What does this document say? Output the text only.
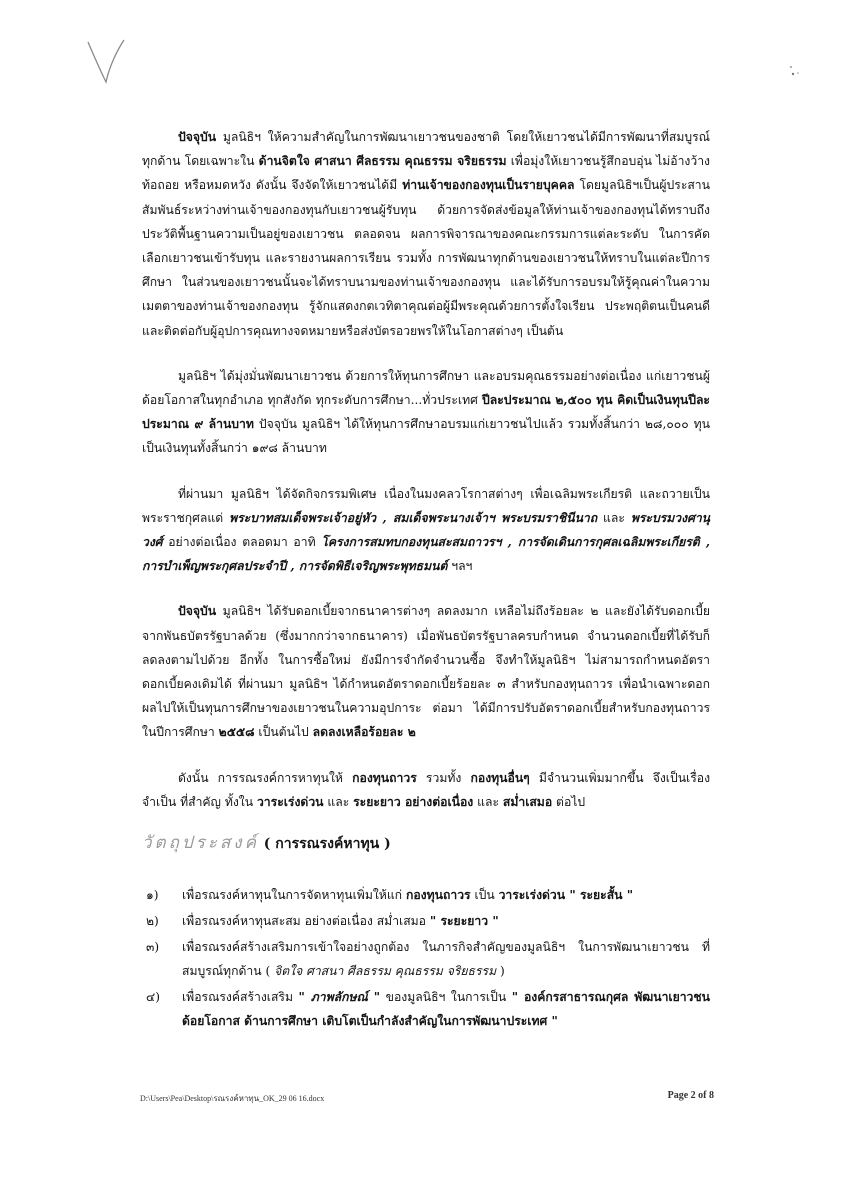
ปัจจุบัน มูลนิธิฯ ให้ความสำคัญในการพัฒนาเยาวชนของชาติ โดยให้เยาวชนได้มีการพัฒนาที่สมบูรณ์ทุกด้าน โดยเฉพาะใน ด้านจิตใจ ศาสนา ศีลธรรม คุณธรรม จริยธรรม เพื่อมุ่งให้เยาวชนรู้สึกอบอุ่น ไม่อ้างว้าง ท้อถอย หรือหมดหวัง ดังนั้น จึงจัดให้เยาวชนได้มี ท่านเจ้าของกองทุนเป็นรายบุคคล โดยมูลนิธิฯเป็นผู้ประสานสัมพันธ์ระหว่างท่านเจ้าของกองทุนกับเยาวชนผู้รับทุน ด้วยการจัดส่งข้อมูลให้ท่านเจ้าของกองทุนได้ทราบถึงประวัติพื้นฐานความเป็นอยู่ของเยาวชน ตลอดจน ผลการพิจารณาของคณะกรรมการแต่ละระดับ ในการคัดเลือกเยาวชนเข้ารับทุน และรายงานผลการเรียน รวมทั้ง การพัฒนาทุกด้านของเยาวชนให้ทราบในแต่ละปีการศึกษา ในส่วนของเยาวชนนั้นจะได้ทราบนามของท่านเจ้าของกองทุน และได้รับการอบรมให้รู้คุณค่าในความเมตตาของท่านเจ้าของกองทุน รู้จักแสดงกตเวทิตาคุณต่อผู้มีพระคุณด้วยการตั้งใจเรียน ประพฤติตนเป็นคนดี และติดต่อกับผู้อุปการคุณทางจดหมายหรือส่งบัตรอวยพรให้ในโอกาสต่างๆ เป็นต้น

มูลนิธิฯ ได้มุ่งมั่นพัฒนาเยาวชน ด้วยการให้ทุนการศึกษา และอบรมคุณธรรมอย่างต่อเนื่อง แก่เยาวชนผู้ด้อยโอกาสในทุกอำเภอ ทุกสังกัด ทุกระดับการศึกษา...ทั่วประเทศ ปีละประมาณ ๒,๕๐๐ ทุน คิดเป็นเงินทุนปีละประมาณ ๙ ล้านบาท ปัจจุบัน มูลนิธิฯ ได้ให้ทุนการศึกษาอบรมแก่เยาวชนไปแล้ว รวมทั้งสิ้นกว่า ๒๘,๐๐๐ ทุน เป็นเงินทุนทั้งสิ้นกว่า ๑๙๘ ล้านบาท

ที่ผ่านมา มูลนิธิฯ ได้จัดกิจกรรมพิเศษ เนื่องในมงคลวโรกาสต่างๆ เพื่อเฉลิมพระเกียรติ และถวายเป็นพระราชกุศลแด่ พระบาทสมเด็จพระเจ้าอยู่หัว , สมเด็จพระนางเจ้าฯ พระบรมราชินีนาถ และ พระบรมวงศานุวงศ์ อย่างต่อเนื่อง ตลอดมา อาทิ โครงการสมทบกองทุนสะสมถาวรฯ , การจัดเดินการกุศลเฉลิมพระเกียรติ , การบำเพ็ญพระกุศลประจำปี , การจัดพิธีเจริญพระพุทธมนต์ ฯลฯ

ปัจจุบัน มูลนิธิฯ ได้รับดอกเบี้ยจากธนาคารต่างๆ ลดลงมาก เหลือไม่ถึงร้อยละ ๒ และยังได้รับดอกเบี้ยจากพันธบัตรรัฐบาลด้วย (ซึ่งมากกว่าจากธนาคาร) เมื่อพันธบัตรรัฐบาลครบกำหนด จำนวนดอกเบี้ยที่ได้รับก็ลดลงตามไปด้วย อีกทั้ง ในการซื้อใหม่ ยังมีการจำกัดจำนวนซื้อ จึงทำให้มูลนิธิฯ ไม่สามารถกำหนดอัตราดอกเบี้ยคงเดิมได้ ที่ผ่านมา มูลนิธิฯ ได้กำหนดอัตราดอกเบี้ยร้อยละ ๓ สำหรับกองทุนถาวร เพื่อนำเฉพาะดอกผลไปให้เป็นทุนการศึกษาของเยาวชนในความอุปการะ ต่อมา ได้มีการปรับอัตราดอกเบี้ยสำหรับกองทุนถาวร ในปีการศึกษา ๒๕๕๘ เป็นต้นไป ลดลงเหลือร้อยละ ๒

ดังนั้น การรณรงค์การหาทุนให้ กองทุนถาวร รวมทั้ง กองทุนอื่นๆ มีจำนวนเพิ่มมากขึ้น จึงเป็นเรื่องจำเป็น ที่สำคัญ ทั้งใน วาระเร่งด่วน และ ระยะยาว อย่างต่อเนื่อง และ สม่ำเสมอ ต่อไป

วัตถุประสงค์ ( การรณรงค์หาทุน )
๑)	เพื่อรณรงค์หาทุนในการจัดหาทุนเพิ่มให้แก่ กองทุนถาวร เป็น วาระเร่งด่วน " ระยะสั้น "
๒)	เพื่อรณรงค์หาทุนสะสม อย่างต่อเนื่อง สม่ำเสมอ " ระยะยาว "
๓)	เพื่อรณรงค์สร้างเสริมการเข้าใจอย่างถูกต้อง ในภารกิจสำคัญของมูลนิธิฯ ในการพัฒนาเยาวชน ที่สมบูรณ์ทุกด้าน ( จิตใจ ศาสนา ศีลธรรม คุณธรรม จริยธรรม )
๔)	เพื่อรณรงค์สร้างเสริม " ภาพลักษณ์ " ของมูลนิธิฯ ในการเป็น " องค์กรสาธารณกุศล พัฒนาเยาวชนด้อยโอกาส ด้านการศึกษา เติบโตเป็นกำลังสำคัญในการพัฒนาประเทศ "
D:\Users\Pea\Desktop\รณรงค์หาทุน_OK_29 06 16.docx	Page 2 of 8
